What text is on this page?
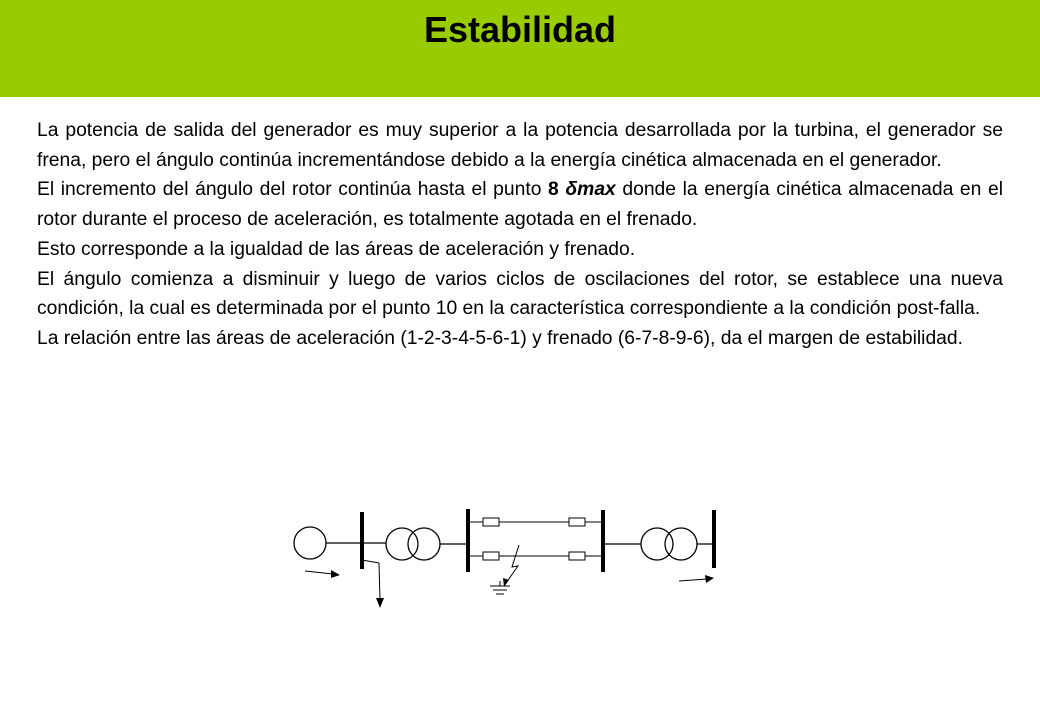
Estabilidad

La potencia de salida del generador es muy superior a la potencia desarrollada por la turbina, el generador se frena, pero el ángulo continúa incrementándose debido a la energía cinética almacenada en el generador.

El incremento del ángulo del rotor continúa hasta el punto 8 δmax donde la energía cinética almacenada en el rotor durante el proceso de aceleración, es totalmente agotada en el frenado.

Esto corresponde a la igualdad de las áreas de aceleración y frenado.

El ángulo comienza a disminuir y luego de varios ciclos de oscilaciones del rotor, se establece una nueva condición, la cual es determinada por el punto 10 en la característica correspondiente a la condición post-falla.

La relación entre las áreas de aceleración (1-2-3-4-5-6-1) y frenado (6-7-8-9-6), da el margen de estabilidad.
